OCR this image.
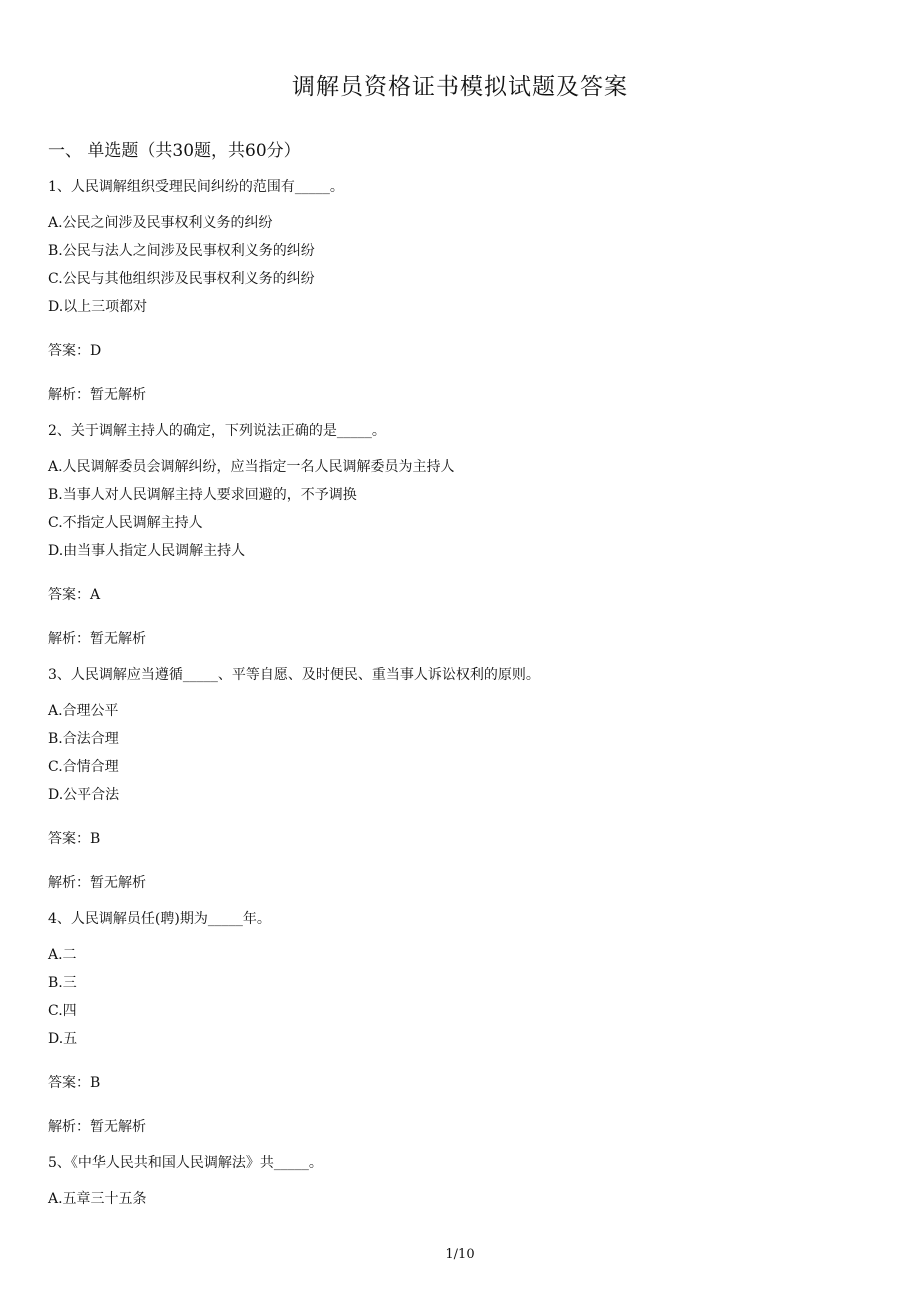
调解员资格证书模拟试题及答案
一、 单选题（共30题，共60分）
1、人民调解组织受理民间纠纷的范围有_____。
A.公民之间涉及民事权利义务的纠纷
B.公民与法人之间涉及民事权利义务的纠纷
C.公民与其他组织涉及民事权利义务的纠纷
D.以上三项都对
答案：D
解析：暂无解析
2、关于调解主持人的确定，下列说法正确的是_____。
A.人民调解委员会调解纠纷，应当指定一名人民调解委员为主持人
B.当事人对人民调解主持人要求回避的，不予调换
C.不指定人民调解主持人
D.由当事人指定人民调解主持人
答案：A
解析：暂无解析
3、人民调解应当遵循_____、平等自愿、及时便民、重当事人诉讼权利的原则。
A.合理公平
B.合法合理
C.合情合理
D.公平合法
答案：B
解析：暂无解析
4、人民调解员任(聘)期为_____年。
A.二
B.三
C.四
D.五
答案：B
解析：暂无解析
5、《中华人民共和国人民调解法》共_____。
A.五章三十五条
1/10
